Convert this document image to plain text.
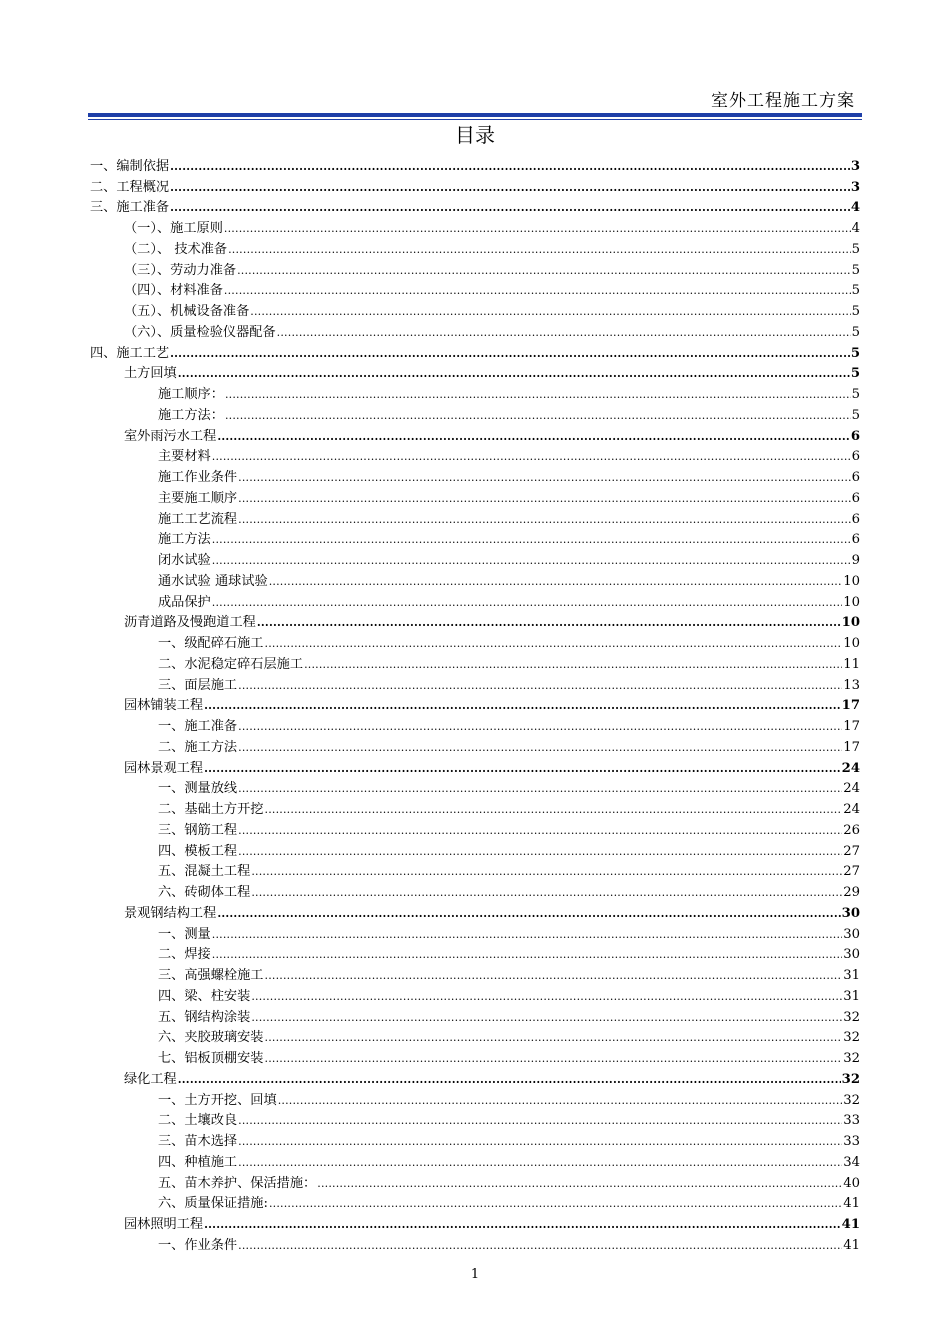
室外工程施工方案
目录
一、编制依据 .....	3
二、工程概况 .....	3
三、施工准备 .....	4
（一）、施工原则 .....	4
（二）、 技术准备 .....	5
（三）、劳动力准备 .....	5
（四）、材料准备 .....	5
（五）、机械设备准备 .....	5
（六）、质量检验仪器配备 .....	5
四、施工工艺 .....	5
土方回填 .....	5
施工顺序： .....	5
施工方法： .....	5
室外雨污水工程 .....	6
主要材料 .....	6
施工作业条件 .....	6
主要施工顺序 .....	6
施工工艺流程 .....	6
施工方法 .....	6
闭水试验 .....	9
通水试验 通球试验 .....	10
成品保护 .....	10
沥青道路及慢跑道工程 .....	10
一、级配碎石施工 .....	10
二、水泥稳定碎石层施工 .....	11
三、面层施工 .....	13
园林铺装工程 .....	17
一、施工准备 .....	17
二、施工方法 .....	17
园林景观工程 .....	24
一、测量放线 .....	24
二、基础土方开挖 .....	24
三、钢筋工程 .....	26
四、模板工程 .....	27
五、混凝土工程 .....	27
六、砖砌体工程 .....	29
景观钢结构工程 .....	30
一、测量 .....	30
二、焊接 .....	30
三、高强螺栓施工 .....	31
四、梁、柱安装 .....	31
五、钢结构涂装 .....	32
六、夹胶玻璃安装 .....	32
七、铝板顶棚安装 .....	32
绿化工程 .....	32
一、土方开挖、回填 .....	32
二、土壤改良 .....	33
三、苗木选择 .....	33
四、种植施工 .....	34
五、苗木养护、保活措施： .....	40
六、质量保证措施: .....	41
园林照明工程 .....	41
一、作业条件 .....	41
1
